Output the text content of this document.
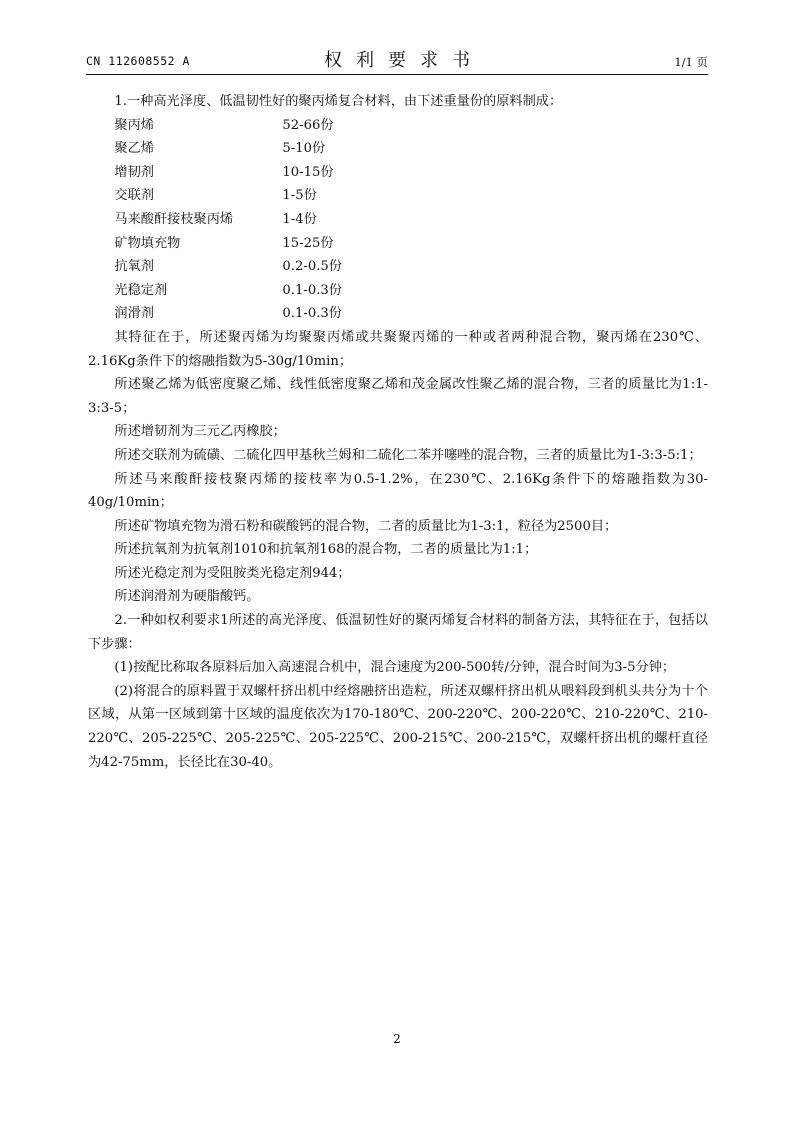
CN 112608552 A	权利要求书	1/1 页

1.一种高光泽度、低温韧性好的聚丙烯复合材料，由下述重量份的原料制成：

聚丙烯	52-66份
聚乙烯	5-10份
增韧剂	10-15份
交联剂	1-5份
马来酸酐接枝聚丙烯	1-4份
矿物填充物	15-25份
抗氧剂	0.2-0.5份
光稳定剂	0.1-0.3份
润滑剂	0.1-0.3份

其特征在于，所述聚丙烯为均聚聚丙烯或共聚聚丙烯的一种或者两种混合物，聚丙烯在230℃、2.16Kg条件下的熔融指数为5-30g/10min；

所述聚乙烯为低密度聚乙烯、线性低密度聚乙烯和茂金属改性聚乙烯的混合物，三者的质量比为1:1-3:3-5；

所述增韧剂为三元乙丙橡胶；

所述交联剂为硫磺、二硫化四甲基秋兰姆和二硫化二苯并噻唑的混合物，三者的质量比为1-3:3-5:1；

所述马来酸酐接枝聚丙烯的接枝率为0.5-1.2%，在230℃、2.16Kg条件下的熔融指数为30-40g/10min；

所述矿物填充物为滑石粉和碳酸钙的混合物，二者的质量比为1-3:1，粒径为2500目；

所述抗氧剂为抗氧剂1010和抗氧剂168的混合物，二者的质量比为1:1；

所述光稳定剂为受阻胺类光稳定剂944；

所述润滑剂为硬脂酸钙。

2.一种如权利要求1所述的高光泽度、低温韧性好的聚丙烯复合材料的制备方法，其特征在于，包括以下步骤：

(1)按配比称取各原料后加入高速混合机中，混合速度为200-500转/分钟，混合时间为3-5分钟；

(2)将混合的原料置于双螺杆挤出机中经熔融挤出造粒，所述双螺杆挤出机从喂料段到机头共分为十个区域，从第一区域到第十区域的温度依次为170-180℃、200-220℃、200-220℃、210-220℃、210-220℃、205-225℃、205-225℃、205-225℃、200-215℃、200-215℃，双螺杆挤出机的螺杆直径为42-75mm，长径比在30-40。

2
